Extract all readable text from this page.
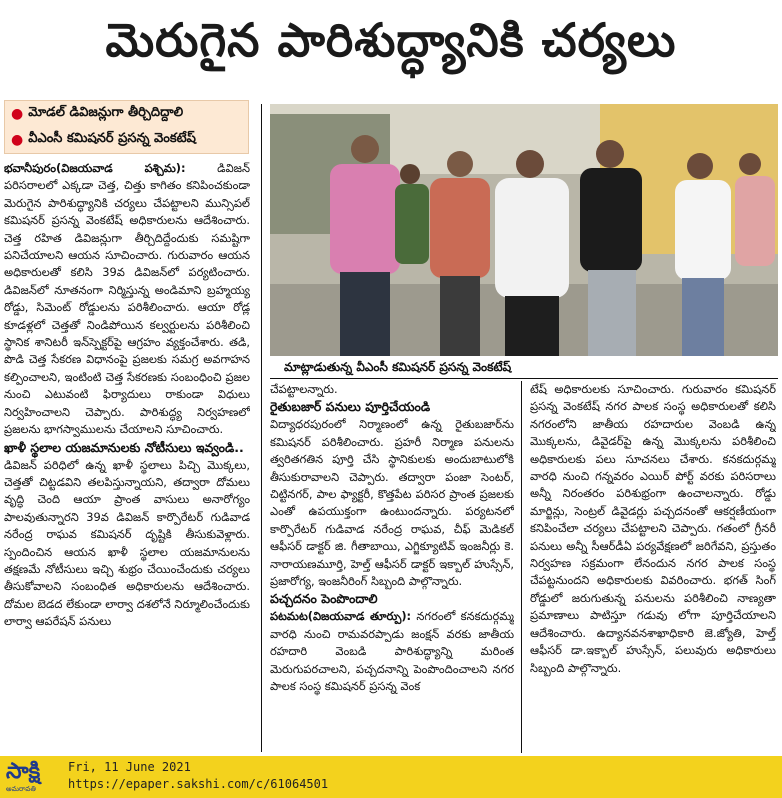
మెరుగైన పారిశుద్ధ్యానికి చర్యలు
● మోడల్ డివిజన్లుగా తీర్చిదిద్దాలి
● వీఎంసీ కమిషనర్ ప్రసన్న వెంకటేష్

భవానీపురం(విజయవాడ పశ్చిమ): డివిజన్ పరిసరాలలో ఎక్కడా చెత్త, చిత్తు కాగితం కనిపించకుండా మెరుగైన పారిశుద్ధ్యానికి చర్యలు చేపట్టాలని మున్సిపల్ కమిషనర్ ప్రసన్న వెంకటేష్ అధికారులను ఆదేశించారు. చెత్త రహిత డివిజన్లుగా తీర్చిదిద్దేందుకు సమష్టిగా పనిచేయాలని ఆయన సూచించారు. గురువారం ఆయన అధికారులతో కలిసి 39వ డివిజన్‌లో పర్యటించారు. డివిజన్‌లో నూతనంగా నిర్మిస్తున్న అండిమాని బ్రహ్మయ్య రోడ్డు, సిమెంట్ రోడ్డులను పరిశీలించారు. ఆయా రోడ్ల కూడళ్లలో చెత్తతో నిండిపోయిన కల్వర్టులను పరిశీలించి స్థానిక శానిటరీ ఇన్‌స్పెక్టర్‌పై ఆగ్రహం వ్యక్తంచేశారు. తడి, పొడి చెత్త సేకరణ విధానంపై ప్రజలకు సమగ్ర అవగాహన కల్పించాలని, ఇంటింటి చెత్త సేకరణకు సంబంధించి ప్రజల నుంచి ఎటువంటి ఫిర్యాదులు రాకుండా విధులు నిర్వహించాలని చెప్పారు. పారిశుద్ధ్య నిర్వహణలో ప్రజలను భాగస్వాములను చేయాలని సూచించారు.

ఖాళీ స్థలాల యజమానులకు నోటీసులు ఇవ్వండి..

డివిజన్ పరిధిలో ఉన్న ఖాళీ స్థలాలు పిచ్చి మొక్కలు, చెత్తతో చిట్టడవిని తలపిస్తున్నాయని, తద్వారా దోమలు వృద్ధి చెంది ఆయా ప్రాంత వాసులు అనారోగ్యం పాలవుతున్నారని 39వ డివిజన్ కార్పొరేటర్ గుడివాడ నరేంద్ర రాఘవ కమిషనర్ దృష్టికి తీసుకువెళ్లారు. స్పందించిన ఆయన ఖాళీ స్థలాల యజమానులను తక్షణమే నోటీసులు ఇచ్చి శుభ్రం చేయించేందుకు చర్యలు తీసుకోవాలని సంబంధిత అధికారులను ఆదేశించారు. దోమల బెడద లేకుండా లార్వా దశలోనే నిర్మూలించేందుకు లార్వా ఆపరేషన్ పనులు

మాట్లాడుతున్న వీఎంసీ కమిషనర్ ప్రసన్న వెంకటేష్

చేపట్టాలన్నారు.

రైతుబజార్ పనులు పూర్తిచేయండి

విద్యాధరపురంలో నిర్మాణంలో ఉన్న రైతుబజార్‌ను కమిషనర్ పరిశీలించారు. ప్రహరీ నిర్మాణ పనులను త్వరితగతిన పూర్తి చేసి స్థానికులకు అందుబాటులోకి తీసుకురావాలని చెప్పారు. తద్వారా పంజా సెంటర్, చిట్టినగర్, పాల ఫ్యాక్టరీ, కొత్తపేట పరిసర ప్రాంత ప్రజలకు ఎంతో ఉపయుక్తంగా ఉంటుందన్నారు. పర్యటనలో కార్పొరేటర్ గుడివాడ నరేంద్ర రాఘవ, చీఫ్ మెడికల్ ఆఫీసర్ డాక్టర్ జి. గీతాబాయి, ఎగ్జిక్యూటివ్ ఇంజనీర్లు కె. నారాయణమూర్తి, హెల్త్ ఆఫీసర్ డాక్టర్ ఇక్బాల్ హుస్సేన్, ప్రజారోగ్య, ఇంజనీరింగ్ సిబ్బంది పాల్గొన్నారు.

పచ్చదనం పెంపొందాలి

పటమట(విజయవాడ తూర్పు): నగరంలో కనకదుర్గమ్మ వారధి నుంచి రామవరప్పాడు జంక్షన్ వరకు జాతీయ రహదారి వెంబడి పారిశుద్ధ్యాన్ని మరింత మెరుగుపరచాలని, పచ్చదనాన్ని పెంపొందించాలని నగర పాలక సంస్థ కమిషనర్ ప్రసన్న వెంక

టేష్ అధికారులకు సూచించారు. గురువారం కమిషనర్ ప్రసన్న వెంకటేష్ నగర పాలక సంస్థ అధికారులతో కలిసి నగరంలోని జాతీయ రహదారుల వెంబడి ఉన్న మొక్కలను, డివైడర్‌పై ఉన్న మొక్కలను పరిశీలించి అధికారులకు పలు సూచనలు చేశారు. కనకదుర్గమ్మ వారధి నుంచి గన్నవరం ఎయిర్ పోర్ట్ వరకు పరిసరాలు అన్నీ నిరంతరం పరిశుభ్రంగా ఉంచాలన్నారు. రోడ్డు మార్జిన్లు, సెంట్రల్ డివైడర్లు పచ్చదనంతో ఆకర్షణీయంగా కనిపించేలా చర్యలు చేపట్టాలని చెప్పారు. గతంలో గ్రీనరీ పనులు అన్నీ సీఆర్‌డీఏ పర్యవేక్షణలో జరిగేవని, ప్రస్తుతం నిర్వహణ సక్రమంగా లేనందున నగర పాలక సంస్థ చేపట్టనుందని అధికారులకు వివరించారు. భగత్ సింగ్ రోడ్డులో జరుగుతున్న పనులను పరిశీలించి నాణ్యతా ప్రమాణాలు పాటిస్తూ గడువు లోగా పూర్తిచేయాలని ఆదేశించారు. ఉద్యానవనశాఖాధికారి జె.జ్యోతి, హెల్త్ ఆఫీసర్ డా.ఇక్బాల్ హుస్సేన్, పలువురు అధికారులు సిబ్బంది పాల్గొన్నారు.

సాక్షి
అమరావతి
Fri, 11 June 2021
https://epaper.sakshi.com/c/61064501
